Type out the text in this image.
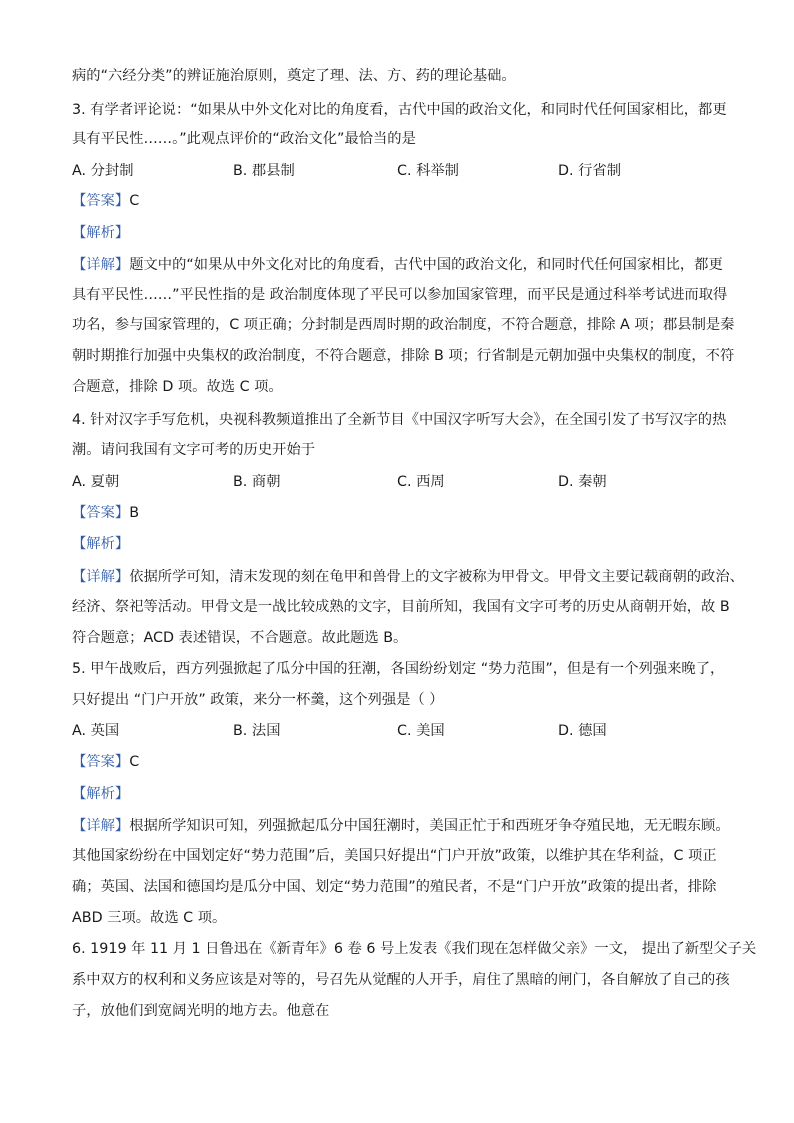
病的“六经分类”的辨证施治原则，奠定了理、法、方、药的理论基础。
3. 有学者评论说：“如果从中外文化对比的角度看，古代中国的政治文化，和同时代任何国家相比，都更
具有平民性……。”此观点评价的“政治文化”最恰当的是
A. 分封制	B. 郡县制	C. 科举制	D. 行省制
【答案】C
【解析】
【详解】题文中的“如果从中外文化对比的角度看，古代中国的政治文化，和同时代任何国家相比，都更
具有平民性……”平民性指的是 政治制度体现了平民可以参加国家管理，而平民是通过科举考试进而取得
功名，参与国家管理的，C 项正确；分封制是西周时期的政治制度，不符合题意，排除 A 项；郡县制是秦
朝时期推行加强中央集权的政治制度，不符合题意，排除 B 项；行省制是元朝加强中央集权的制度，不符
合题意，排除 D 项。故选 C 项。
4. 针对汉字手写危机，央视科教频道推出了全新节目《中国汉字听写大会》，在全国引发了书写汉字的热
潮。请问我国有文字可考的历史开始于
A. 夏朝	B. 商朝	C. 西周	D. 秦朝
【答案】B
【解析】
【详解】依据所学可知，清末发现的刻在龟甲和兽骨上的文字被称为甲骨文。甲骨文主要记载商朝的政治、
经济、祭祀等活动。甲骨文是一战比较成熟的文字，目前所知，我国有文字可考的历史从商朝开始，故 B
符合题意；ACD 表述错误，不合题意。故此题选 B。
5. 甲午战败后，西方列强掀起了瓜分中国的狂潮，各国纷纷划定 “势力范围”，但是有一个列强来晚了，
只好提出 “门户开放” 政策，来分一杯羹，这个列强是（ ）
A. 英国	B. 法国	C. 美国	D. 德国
【答案】C
【解析】
【详解】根据所学知识可知，列强掀起瓜分中国狂潮时，美国正忙于和西班牙争夺殖民地，无无暇东顾。
其他国家纷纷在中国划定好“势力范围”后，美国只好提出“门户开放”政策，以维护其在华利益，C 项正
确；英国、法国和德国均是瓜分中国、划定“势力范围”的殖民者，不是“门户开放”政策的提出者，排除
ABD 三项。故选 C 项。
6. 1919 年 11 月 1 日鲁迅在《新青年》6 卷 6 号上发表《我们现在怎样做父亲》一文， 提出了新型父子关
系中双方的权利和义务应该是对等的，号召先从觉醒的人开手，肩住了黑暗的闸门，各自解放了自己的孩
子，放他们到宽阔光明的地方去。他意在
